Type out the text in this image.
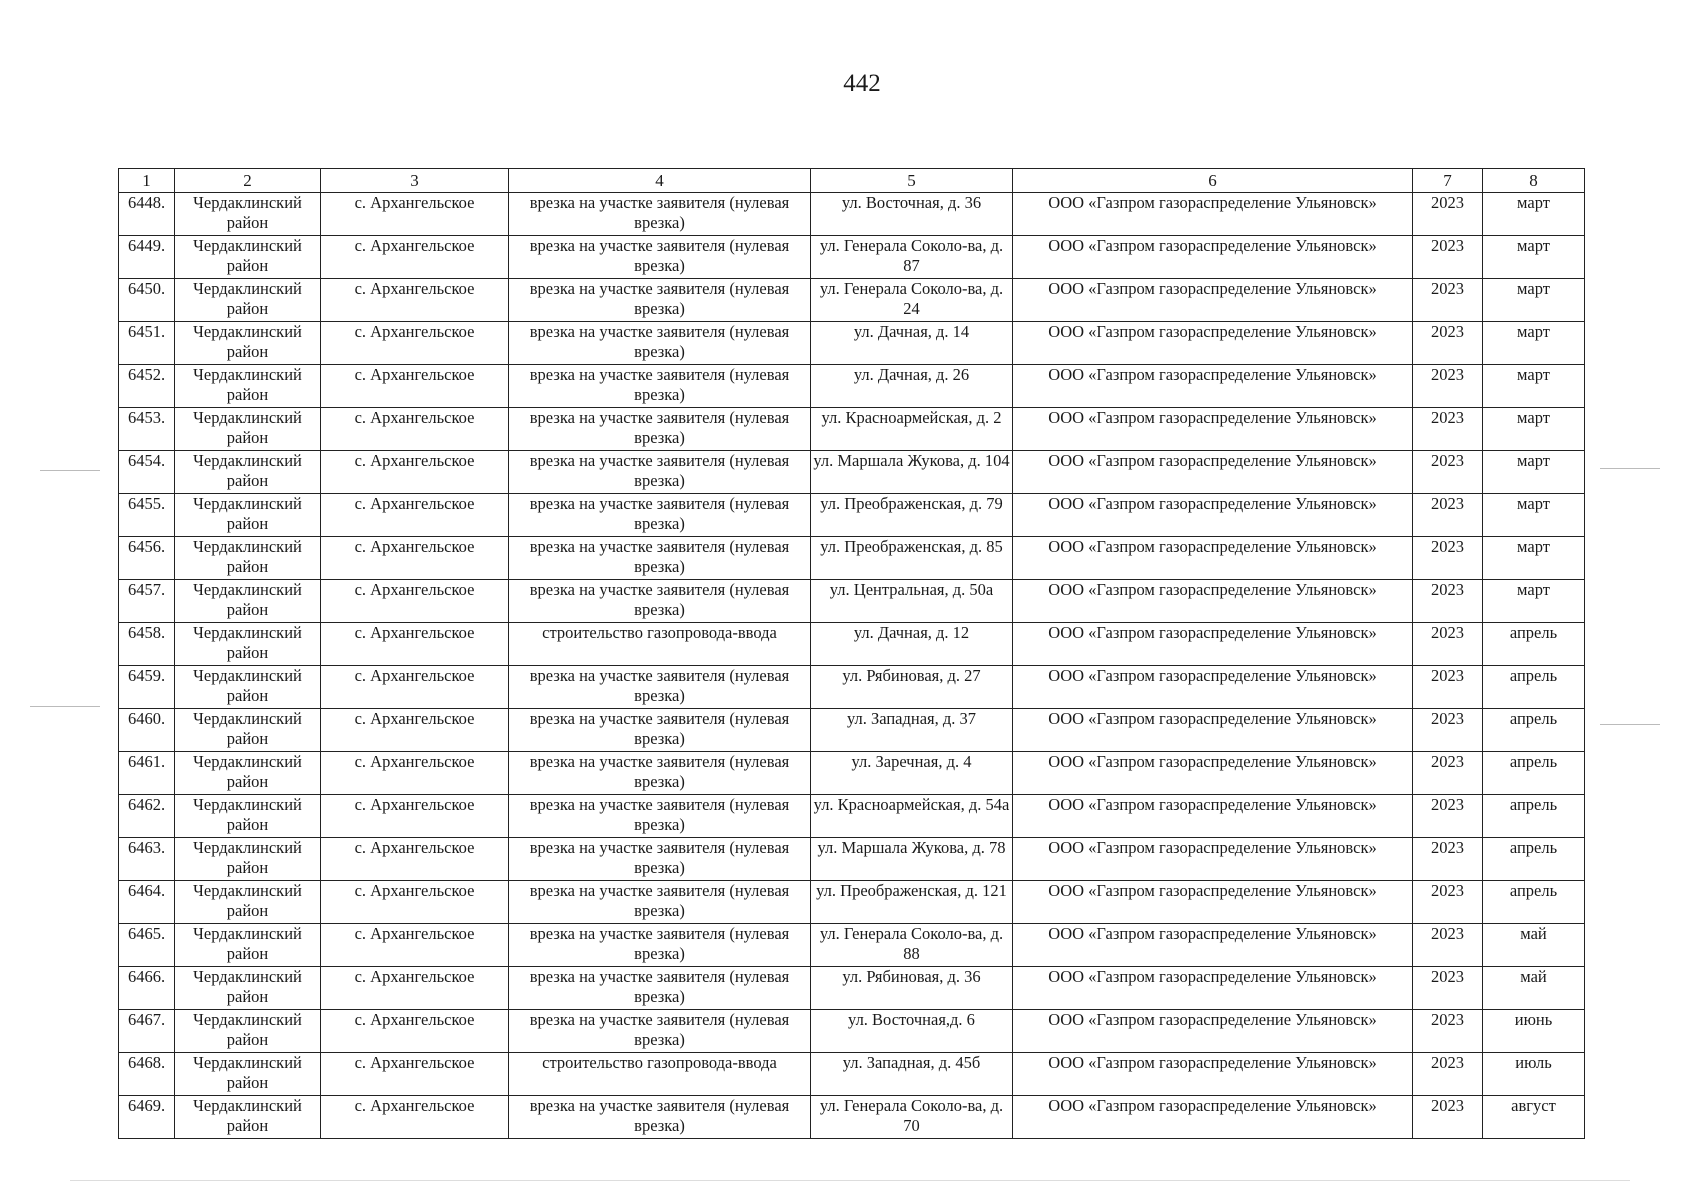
442
1	2	3	4	5	6	7	8
6448.	Чердаклинский район	с. Архангельское	врезка на участке заявителя (нулевая врезка)	ул. Восточная, д. 36	ООО «Газпром газораспределение Ульяновск»	2023	март
6449.	Чердаклинский район	с. Архангельское	врезка на участке заявителя (нулевая врезка)	ул. Генерала Соколо-ва, д. 87	ООО «Газпром газораспределение Ульяновск»	2023	март
6450.	Чердаклинский район	с. Архангельское	врезка на участке заявителя (нулевая врезка)	ул. Генерала Соколо-ва, д. 24	ООО «Газпром газораспределение Ульяновск»	2023	март
6451.	Чердаклинский район	с. Архангельское	врезка на участке заявителя (нулевая врезка)	ул. Дачная, д. 14	ООО «Газпром газораспределение Ульяновск»	2023	март
6452.	Чердаклинский район	с. Архангельское	врезка на участке заявителя (нулевая врезка)	ул. Дачная, д. 26	ООО «Газпром газораспределение Ульяновск»	2023	март
6453.	Чердаклинский район	с. Архангельское	врезка на участке заявителя (нулевая врезка)	ул. Красноармейская, д. 2	ООО «Газпром газораспределение Ульяновск»	2023	март
6454.	Чердаклинский район	с. Архангельское	врезка на участке заявителя (нулевая врезка)	ул. Маршала Жукова, д. 104	ООО «Газпром газораспределение Ульяновск»	2023	март
6455.	Чердаклинский район	с. Архангельское	врезка на участке заявителя (нулевая врезка)	ул. Преображенская, д. 79	ООО «Газпром газораспределение Ульяновск»	2023	март
6456.	Чердаклинский район	с. Архангельское	врезка на участке заявителя (нулевая врезка)	ул. Преображенская, д. 85	ООО «Газпром газораспределение Ульяновск»	2023	март
6457.	Чердаклинский район	с. Архангельское	врезка на участке заявителя (нулевая врезка)	ул. Центральная, д. 50а	ООО «Газпром газораспределение Ульяновск»	2023	март
6458.	Чердаклинский район	с. Архангельское	строительство газопровода-ввода	ул. Дачная, д. 12	ООО «Газпром газораспределение Ульяновск»	2023	апрель
6459.	Чердаклинский район	с. Архангельское	врезка на участке заявителя (нулевая врезка)	ул. Рябиновая, д. 27	ООО «Газпром газораспределение Ульяновск»	2023	апрель
6460.	Чердаклинский район	с. Архангельское	врезка на участке заявителя (нулевая врезка)	ул. Западная, д. 37	ООО «Газпром газораспределение Ульяновск»	2023	апрель
6461.	Чердаклинский район	с. Архангельское	врезка на участке заявителя (нулевая врезка)	ул. Заречная, д. 4	ООО «Газпром газораспределение Ульяновск»	2023	апрель
6462.	Чердаклинский район	с. Архангельское	врезка на участке заявителя (нулевая врезка)	ул. Красноармейская, д. 54а	ООО «Газпром газораспределение Ульяновск»	2023	апрель
6463.	Чердаклинский район	с. Архангельское	врезка на участке заявителя (нулевая врезка)	ул. Маршала Жукова, д. 78	ООО «Газпром газораспределение Ульяновск»	2023	апрель
6464.	Чердаклинский район	с. Архангельское	врезка на участке заявителя (нулевая врезка)	ул. Преображенская, д. 121	ООО «Газпром газораспределение Ульяновск»	2023	апрель
6465.	Чердаклинский район	с. Архангельское	врезка на участке заявителя (нулевая врезка)	ул. Генерала Соколо-ва, д. 88	ООО «Газпром газораспределение Ульяновск»	2023	май
6466.	Чердаклинский район	с. Архангельское	врезка на участке заявителя (нулевая врезка)	ул. Рябиновая, д. 36	ООО «Газпром газораспределение Ульяновск»	2023	май
6467.	Чердаклинский район	с. Архангельское	врезка на участке заявителя (нулевая врезка)	ул. Восточная,д. 6	ООО «Газпром газораспределение Ульяновск»	2023	июнь
6468.	Чердаклинский район	с. Архангельское	строительство газопровода-ввода	ул. Западная, д. 45б	ООО «Газпром газораспределение Ульяновск»	2023	июль
6469.	Чердаклинский район	с. Архангельское	врезка на участке заявителя (нулевая врезка)	ул. Генерала Соколо-ва, д. 70	ООО «Газпром газораспределение Ульяновск»	2023	август
